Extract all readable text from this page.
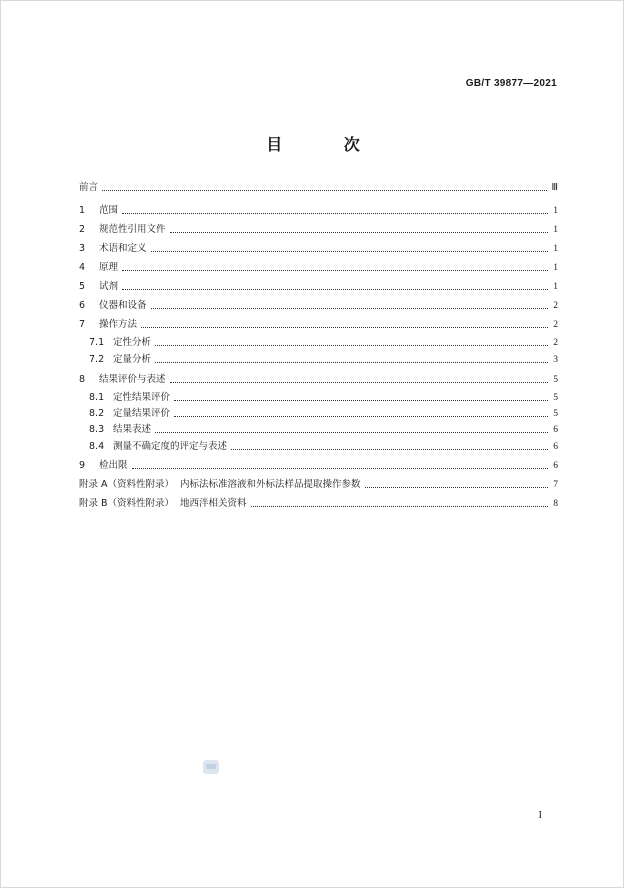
GB/T 39877—2021
目 次
前言	Ⅲ
1	范围	1
2	规范性引用文件	1
3	术语和定义	1
4	原理	1
5	试剂	1
6	仪器和设备	2
7	操作方法	2
7.1 定性分析	2
7.2 定量分析	3
8	结果评价与表述	5
8.1 定性结果评价	5
8.2 定量结果评价	5
8.3 结果表述	6
8.4 测量不确定度的评定与表述	6
9	检出限	6
附录 A（资料性附录） 内标法标准溶液和外标法样品提取操作参数	7
附录 B（资料性附录） 地西泮相关资料	8
I
